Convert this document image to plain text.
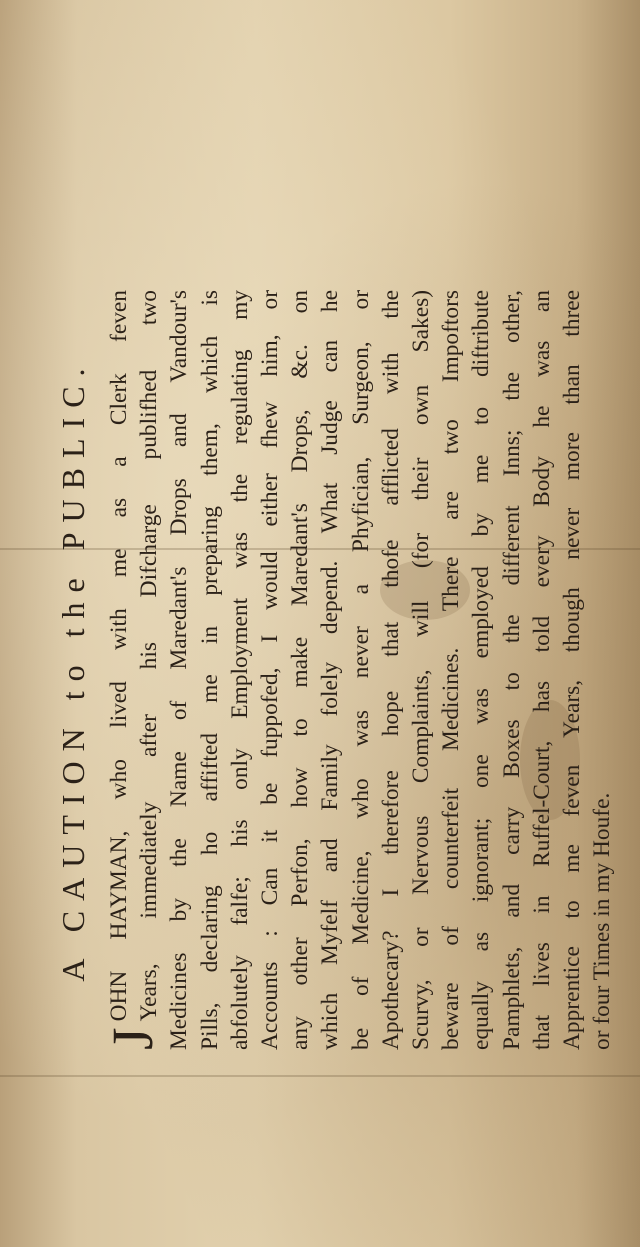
A CAUTION to the PUBLIC.
J
OHN HAYMAN, who lived with me as a Clerk feven Years, immediately after his Difcharge publifhed two Medicines by the Name of Maredant's Drops and Vandour's Pills, declaring ho affifted me in preparing them, which is abfolutely falfe; his only Employment was the regulating my Accounts : Can it be fuppofed, I would either fhew him, or any other Perfon, how to make Maredant's Drops, &c. on which Myfelf and Family folely depend. What Judge can he be of Medicine, who was never a Phyfician, Surgeon, or Apothecary? I therefore hope that thofe afflicted with the Scurvy, or Nervous Complaints, will (for their own Sakes) beware of counterfeit Medicines. There are two Impoftors equally as ignorant; one was employed by me to diftribute Pamphlets, and carry Boxes to the different Inns; the other, that lives in Ruffel-Court, has told every Body he was an Apprentice to me feven Years, though never more than three or four Times in my Houfe.
